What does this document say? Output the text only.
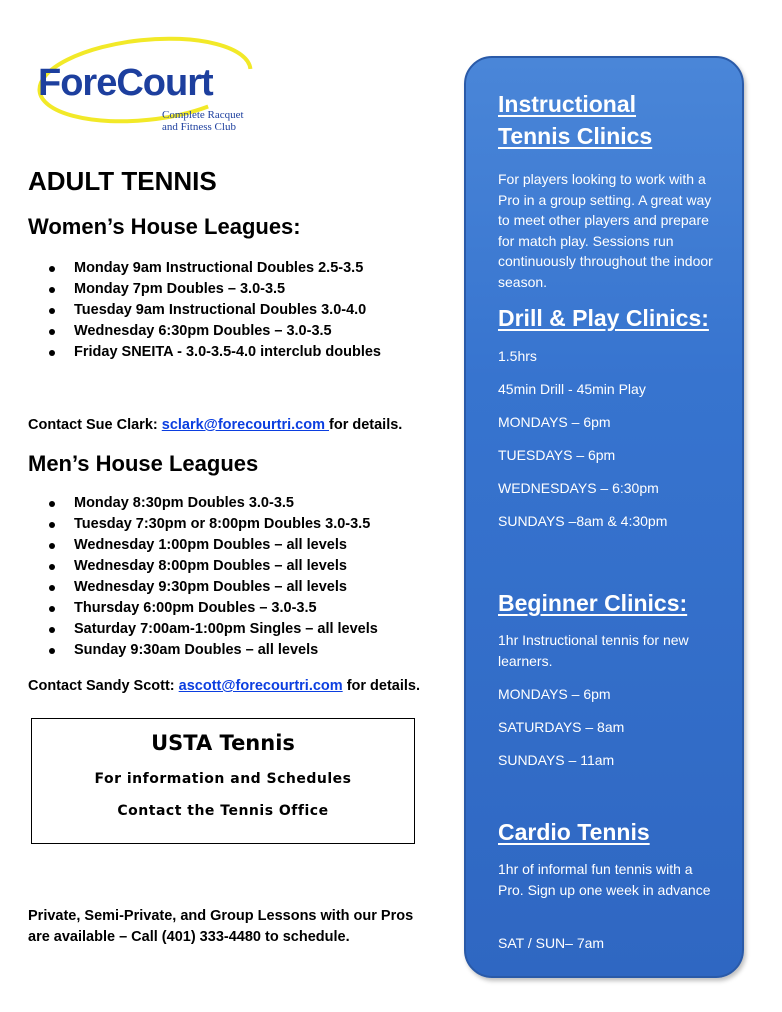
ForeCourt
Complete Racquet
and Fitness Club
ADULT TENNIS
Women’s House Leagues:
Monday 9am Instructional Doubles 2.5-3.5
Monday 7pm Doubles – 3.0-3.5
Tuesday 9am Instructional Doubles 3.0-4.0
Wednesday 6:30pm Doubles – 3.0-3.5
Friday SNEITA - 3.0-3.5-4.0 interclub doubles
Contact Sue Clark: sclark@forecourtri.com for details.
Men’s House Leagues
Monday 8:30pm Doubles 3.0-3.5
Tuesday 7:30pm or 8:00pm Doubles 3.0-3.5
Wednesday 1:00pm Doubles – all levels
Wednesday 8:00pm Doubles – all levels
Wednesday 9:30pm Doubles – all levels
Thursday 6:00pm Doubles – 3.0-3.5
Saturday 7:00am-1:00pm Singles – all levels
Sunday 9:30am Doubles – all levels
Contact Sandy Scott: ascott@forecourtri.com for details.
USTA Tennis
For information and Schedules
Contact the Tennis Office
Private, Semi-Private, and Group Lessons with our Pros
are available – Call (401) 333-4480 to schedule.
Instructional
Tennis Clinics
For players looking to work with a Pro in a group setting. A great way to meet other players and prepare for match play. Sessions run continuously throughout the indoor season.
Drill & Play Clinics:
1.5hrs
45min Drill - 45min Play
MONDAYS – 6pm
TUESDAYS – 6pm
WEDNESDAYS – 6:30pm
SUNDAYS –8am & 4:30pm
Beginner Clinics:
1hr Instructional tennis for new learners.
MONDAYS – 6pm
SATURDAYS – 8am
SUNDAYS – 11am
Cardio Tennis
1hr of informal fun tennis with a Pro. Sign up one week in advance
SAT / SUN– 7am
